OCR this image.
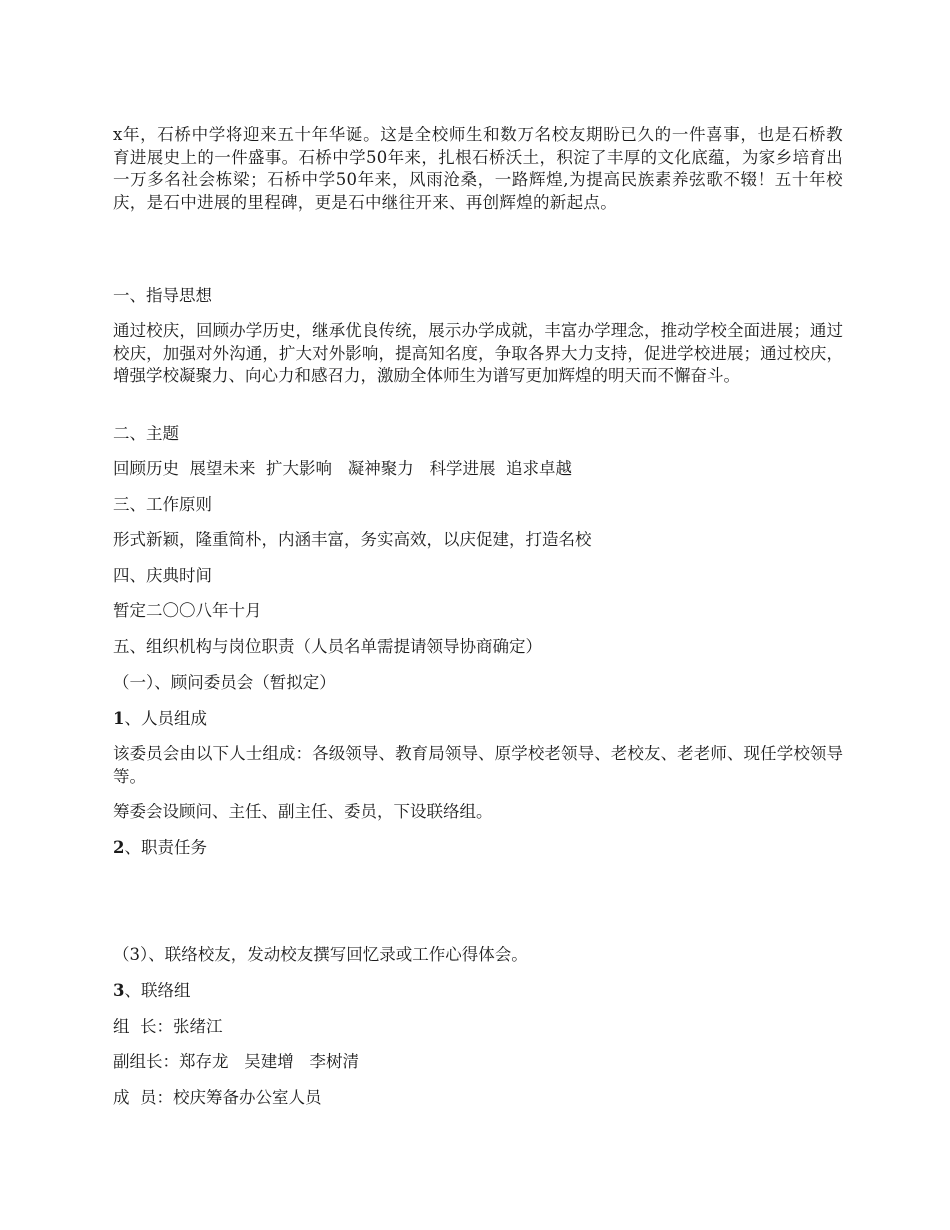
x年，石桥中学将迎来五十年华诞。这是全校师生和数万名校友期盼已久的一件喜事，也是石桥教育进展史上的一件盛事。石桥中学50年来，扎根石桥沃土，积淀了丰厚的文化底蕴，为家乡培育出一万多名社会栋梁；石桥中学50年来，风雨沧桑，一路辉煌,为提高民族素养弦歌不辍！五十年校庆，是石中进展的里程碑，更是石中继往开来、再创辉煌的新起点。

一、指导思想

通过校庆，回顾办学历史，继承优良传统，展示办学成就，丰富办学理念，推动学校全面进展；通过校庆，加强对外沟通，扩大对外影响，提高知名度，争取各界大力支持，促进学校进展；通过校庆，增强学校凝聚力、向心力和感召力，激励全体师生为谱写更加辉煌的明天而不懈奋斗。

二、主题

回顾历史  展望未来  扩大影响   凝神聚力   科学进展  追求卓越

三、工作原则

形式新颖，隆重简朴，内涵丰富，务实高效，以庆促建，打造名校

四、庆典时间

暂定二〇〇八年十月

五、组织机构与岗位职责（人员名单需提请领导协商确定）

（一）、顾问委员会（暂拟定）

1、人员组成

该委员会由以下人士组成：各级领导、教育局领导、原学校老领导、老校友、老老师、现任学校领导等。

筹委会设顾问、主任、副主任、委员，下设联络组。

2、职责任务

（3）、联络校友，发动校友撰写回忆录或工作心得体会。

3、联络组

组  长：张绪江

副组长：郑存龙   吴建增   李树清

成  员：校庆筹备办公室人员
